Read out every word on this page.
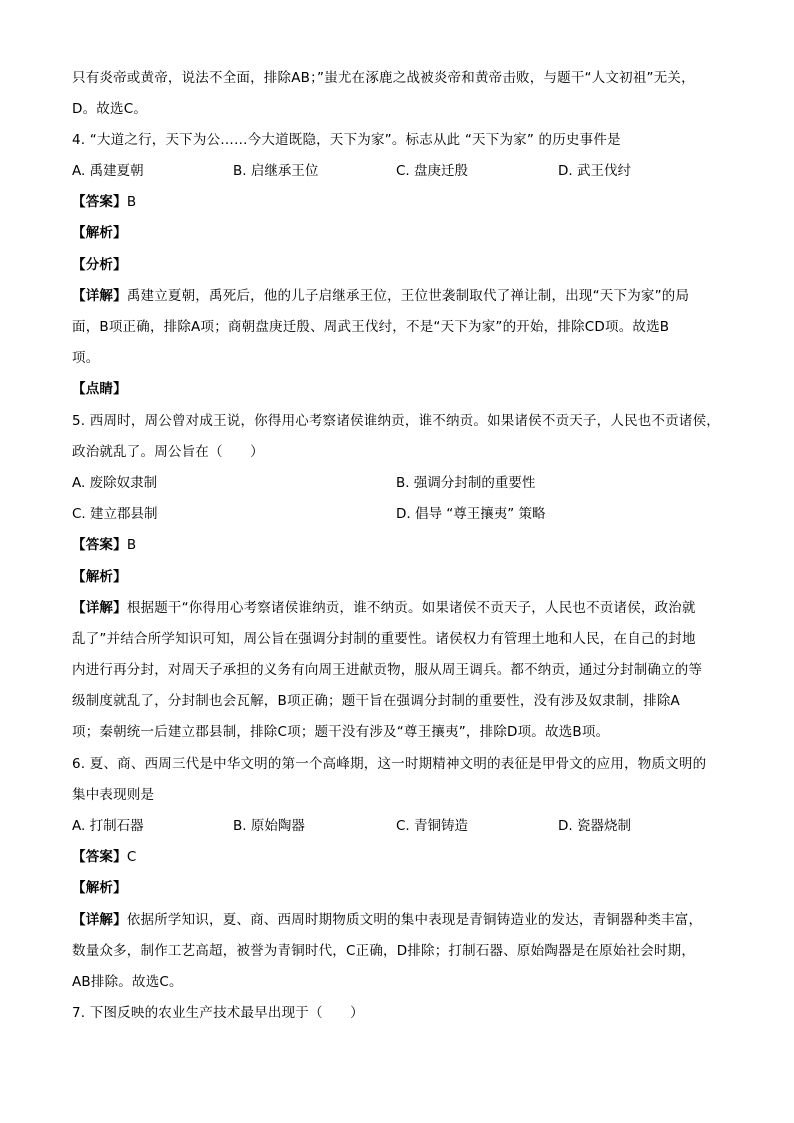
只有炎帝或黄帝，说法不全面，排除AB；”蚩尤在涿鹿之战被炎帝和黄帝击败，与题干“人文初祖”无关，
D。故选C。
4. “大道之行，天下为公……今大道既隐，天下为家”。标志从此 “天下为家” 的历史事件是
A. 禹建夏朝	B. 启继承王位	C. 盘庚迁殷	D. 武王伐纣
【答案】B
【解析】
【分析】
【详解】禹建立夏朝，禹死后，他的儿子启继承王位，王位世袭制取代了禅让制，出现“天下为家”的局
面，B项正确，排除A项；商朝盘庚迁殷、周武王伐纣，不是“天下为家”的开始，排除CD项。故选B
项。
【点睛】
5. 西周时，周公曾对成王说，你得用心考察诸侯谁纳贡，谁不纳贡。如果诸侯不贡天子，人民也不贡诸侯，
政治就乱了。周公旨在（　　）
A. 废除奴隶制	B. 强调分封制的重要性
C. 建立郡县制	D. 倡导 “尊王攘夷” 策略
【答案】B
【解析】
【详解】根据题干“你得用心考察诸侯谁纳贡，谁不纳贡。如果诸侯不贡天子，人民也不贡诸侯，政治就
乱了”并结合所学知识可知，周公旨在强调分封制的重要性。诸侯权力有管理土地和人民，在自己的封地
内进行再分封，对周天子承担的义务有向周王进献贡物，服从周王调兵。都不纳贡，通过分封制确立的等
级制度就乱了，分封制也会瓦解，B项正确；题干旨在强调分封制的重要性，没有涉及奴隶制，排除A
项；秦朝统一后建立郡县制，排除C项；题干没有涉及“尊王攘夷”，排除D项。故选B项。
6. 夏、商、西周三代是中华文明的第一个高峰期，这一时期精神文明的表征是甲骨文的应用，物质文明的
集中表现则是
A. 打制石器	B. 原始陶器	C. 青铜铸造	D. 瓷器烧制
【答案】C
【解析】
【详解】依据所学知识，夏、商、西周时期物质文明的集中表现是青铜铸造业的发达，青铜器种类丰富，
数量众多，制作工艺高超，被誉为青铜时代，C正确，D排除；打制石器、原始陶器是在原始社会时期，
AB排除。故选C。
7. 下图反映的农业生产技术最早出现于（　　）
